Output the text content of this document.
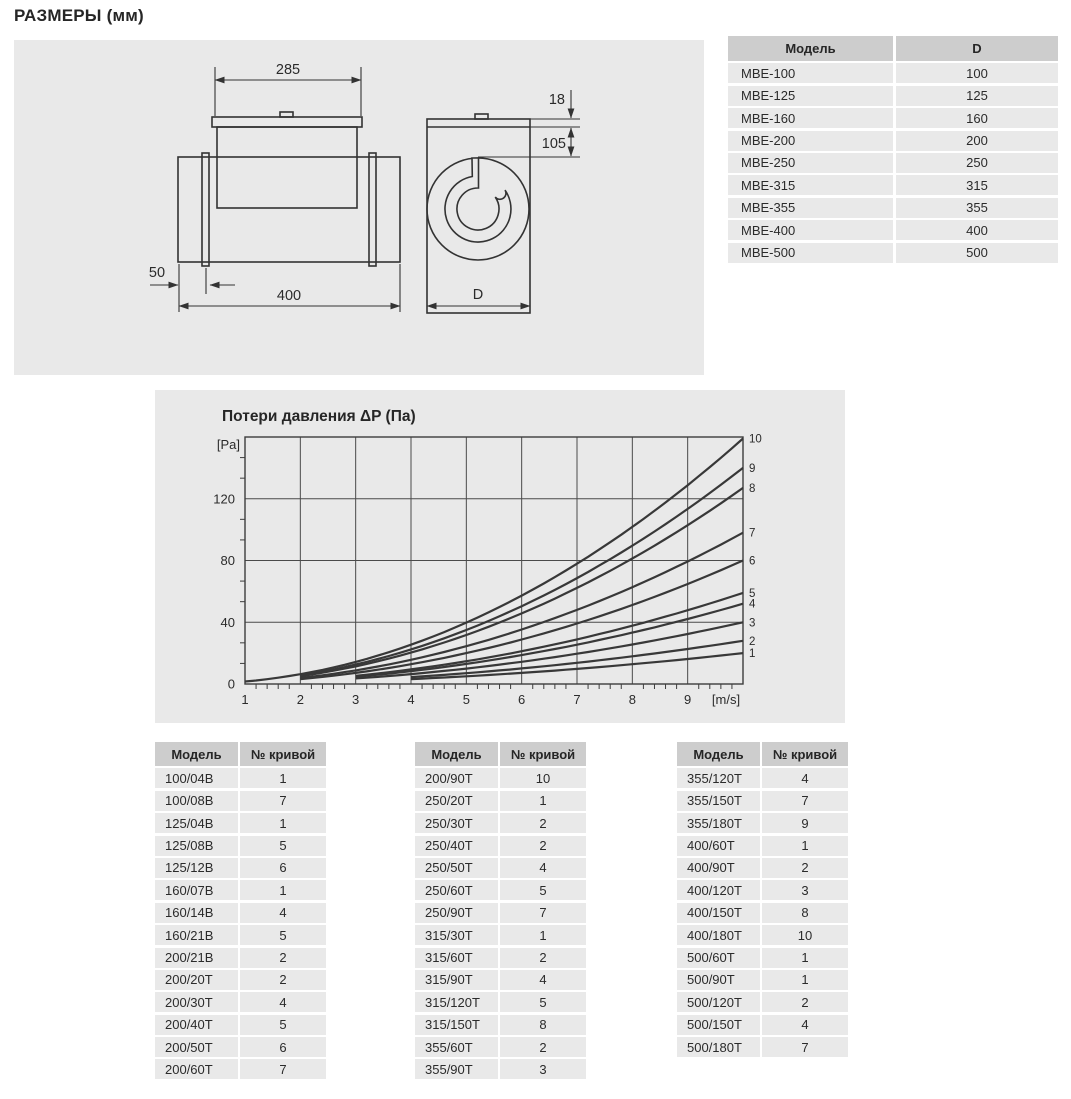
РАЗМЕРЫ (мм)
285
400
50
18
105
D
Модель	D
MBE-100	100
MBE-125	125
MBE-160	160
MBE-200	200
MBE-250	250
MBE-315	315
MBE-355	355
MBE-400	400
MBE-500	500
Потери давления ΔP (Па)
1	2	3	4	5	6	7	8	9 [m/s]
0
40
80
120
[Pa]	10
9
8
7
6
5
4
3
2
1
Модель	№ кривой
100/04B	1
100/08B	7
125/04B	1
125/08B	5
125/12B	6
160/07B	1
160/14B	4
160/21B	5
200/21B	2
200/20T	2
200/30T	4
200/40T	5
200/50T	6
200/60T	7
Модель	№ кривой
200/90T	10
250/20T	1
250/30T	2
250/40T	2
250/50T	4
250/60T	5
250/90T	7
315/30T	1
315/60T	2
315/90T	4
315/120T	5
315/150T	8
355/60T	2
355/90T	3
Модель	№ кривой
355/120T	4
355/150T	7
355/180T	9
400/60T	1
400/90T	2
400/120T	3
400/150T	8
400/180T	10
500/60T	1
500/90T	1
500/120T	2
500/150T	4
500/180T	7
